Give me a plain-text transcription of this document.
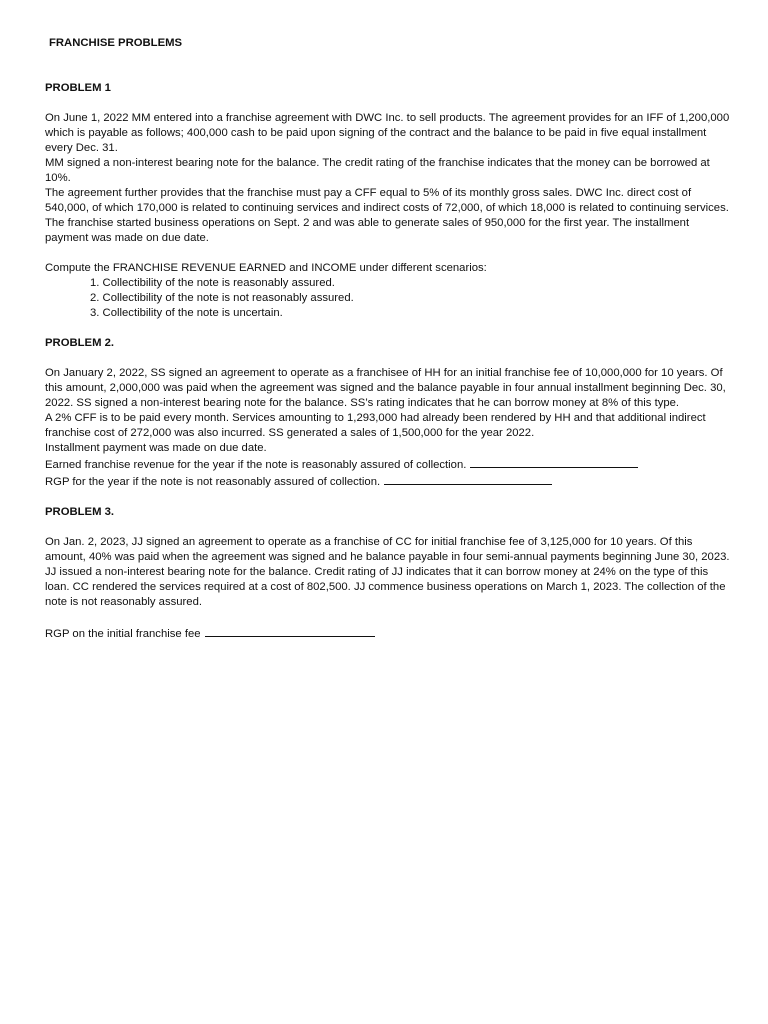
FRANCHISE PROBLEMS

PROBLEM 1

On June 1, 2022 MM entered into a franchise agreement with DWC Inc. to sell products. The agreement provides for an IFF of 1,200,000 which is payable as follows; 400,000 cash to be paid upon signing of the contract and the balance to be paid in five equal installment every Dec. 31.

MM signed a non-interest bearing note for the balance. The credit rating of the franchise indicates that the money can be borrowed at 10%.

The agreement further provides that the franchise must pay a CFF equal to 5% of its monthly gross sales. DWC Inc. direct cost of 540,000, of which 170,000 is related to continuing services and indirect costs of 72,000, of which 18,000 is related to continuing services.

The franchise started business operations on Sept. 2 and was able to generate sales of 950,000 for the first year. The installment payment was made on due date.

Compute the FRANCHISE REVENUE EARNED and INCOME under different scenarios:

1. Collectibility of the note is reasonably assured.
2. Collectibility of the note is not reasonably assured.
3. Collectibility of the note is uncertain.

PROBLEM 2.

On January 2, 2022, SS signed an agreement to operate as a franchisee of HH for an initial franchise fee of 10,000,000 for 10 years. Of this amount, 2,000,000 was paid when the agreement was signed and the balance payable in four annual installment beginning Dec. 30, 2022. SS signed a non-interest bearing note for the balance. SS’s rating indicates that he can borrow money at 8% of this type.

A 2% CFF is to be paid every month. Services amounting to 1,293,000 had already been rendered by HH and that additional indirect franchise cost of 272,000 was also incurred. SS generated a sales of 1,500,000 for the year 2022.

Installment payment was made on due date.

Earned franchise revenue for the year if the note is reasonably assured of collection.

RGP for the year if the note is not reasonably assured of collection.

PROBLEM 3.

On Jan. 2, 2023, JJ signed an agreement to operate as a franchise of CC for initial franchise fee of 3,125,000 for 10 years. Of this amount, 40% was paid when the agreement was signed and he balance payable in four semi-annual payments beginning June 30, 2023. JJ issued a non-interest bearing note for the balance. Credit rating of JJ indicates that it can borrow money at 24% on the type of this loan. CC rendered the services required at a cost of 802,500. JJ commence business operations on March 1, 2023. The collection of the note is not reasonably assured.

RGP on the initial franchise fee
